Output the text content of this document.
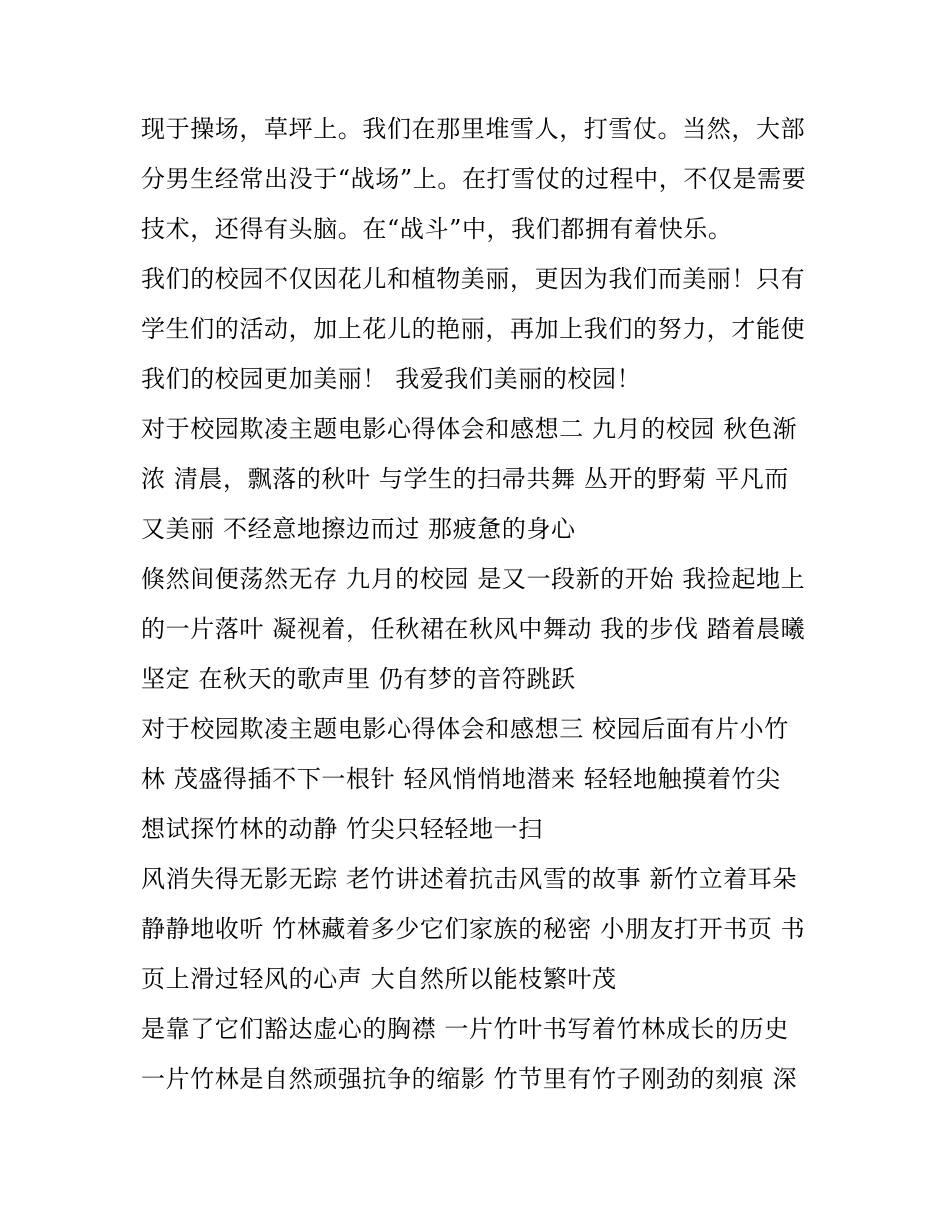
现于操场，草坪上。我们在那里堆雪人，打雪仗。当然，大部
分男生经常出没于“战场”上。在打雪仗的过程中，不仅是需要
技术，还得有头脑。在“战斗”中，我们都拥有着快乐。
我们的校园不仅因花儿和植物美丽，更因为我们而美丽！只有
学生们的活动，加上花儿的艳丽，再加上我们的努力，才能使
我们的校园更加美丽！ 我爱我们美丽的校园！
对于校园欺凌主题电影心得体会和感想二 九月的校园 秋色渐
浓 清晨，飘落的秋叶 与学生的扫帚共舞 丛开的野菊 平凡而
又美丽 不经意地擦边而过 那疲惫的身心
倏然间便荡然无存 九月的校园 是又一段新的开始 我捡起地上
的一片落叶 凝视着，任秋裙在秋风中舞动 我的步伐 踏着晨曦
坚定 在秋天的歌声里 仍有梦的音符跳跃
对于校园欺凌主题电影心得体会和感想三 校园后面有片小竹
林 茂盛得插不下一根针 轻风悄悄地潜来 轻轻地触摸着竹尖
想试探竹林的动静 竹尖只轻轻地一扫
风消失得无影无踪 老竹讲述着抗击风雪的故事 新竹立着耳朵
静静地收听 竹林藏着多少它们家族的秘密 小朋友打开书页 书
页上滑过轻风的心声 大自然所以能枝繁叶茂
是靠了它们豁达虚心的胸襟 一片竹叶书写着竹林成长的历史
一片竹林是自然顽强抗争的缩影 竹节里有竹子刚劲的刻痕 深
